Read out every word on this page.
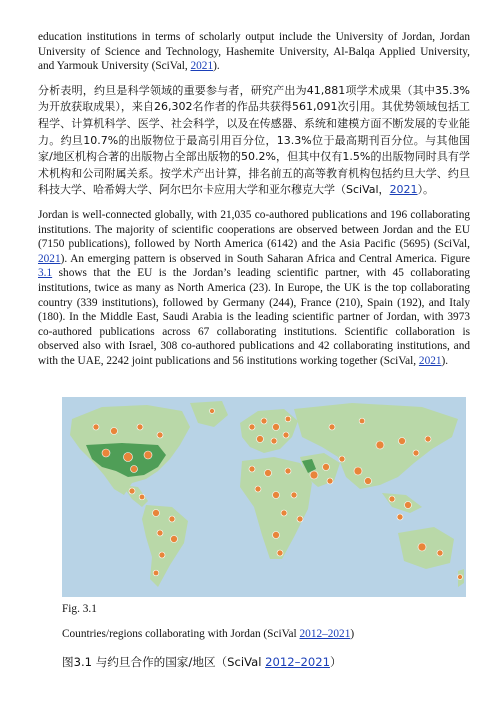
education institutions in terms of scholarly output include the University of Jordan, Jordan University of Science and Technology, Hashemite University, Al-Balqa Applied University, and Yarmouk University (SciVal, 2021).

分析表明，约旦是科学领域的重要参与者，研究产出为41,881项学术成果（其中35.3%为开放获取成果），来自26,302名作者的作品共获得561,091次引用。其优势领域包括工程学、计算机科学、医学、社会科学，以及在传感器、系统和建模方面不断发展的专业能力。约旦10.7%的出版物位于最高引用百分位，13.3%位于最高期刊百分位。与其他国家/地区机构合著的出版物占全部出版物的50.2%，但其中仅有1.5%的出版物同时具有学术机构和公司附属关系。按学术产出计算，排名前五的高等教育机构包括约旦大学、约旦科技大学、哈希姆大学、阿尔巴尔卡应用大学和亚尔穆克大学（SciVal，2021）。

Jordan is well-connected globally, with 21,035 co-authored publications and 196 collaborating institutions. The majority of scientific cooperations are observed between Jordan and the EU (7150 publications), followed by North America (6142) and the Asia Pacific (5695) (SciVal, 2021). An emerging pattern is observed in South Saharan Africa and Central America. Figure 3.1 shows that the EU is the Jordan’s leading scientific partner, with 45 collaborating institutions, twice as many as North America (23). In Europe, the UK is the top collaborating country (339 institutions), followed by Germany (244), France (210), Spain (192), and Italy (180). In the Middle East, Saudi Arabia is the leading scientific partner of Jordan, with 3973 co-authored publications across 67 collaborating institutions. Scientific collaboration is observed also with Israel, 308 co-authored publications and 42 collaborating institutions, and with the UAE, 2242 joint publications and 56 institutions working together (SciVal, 2021).

Fig. 3.1
Countries/regions collaborating with Jordan (SciVal 2012–2021)
图3.1 与约旦合作的国家/地区（SciVal 2012–2021）
